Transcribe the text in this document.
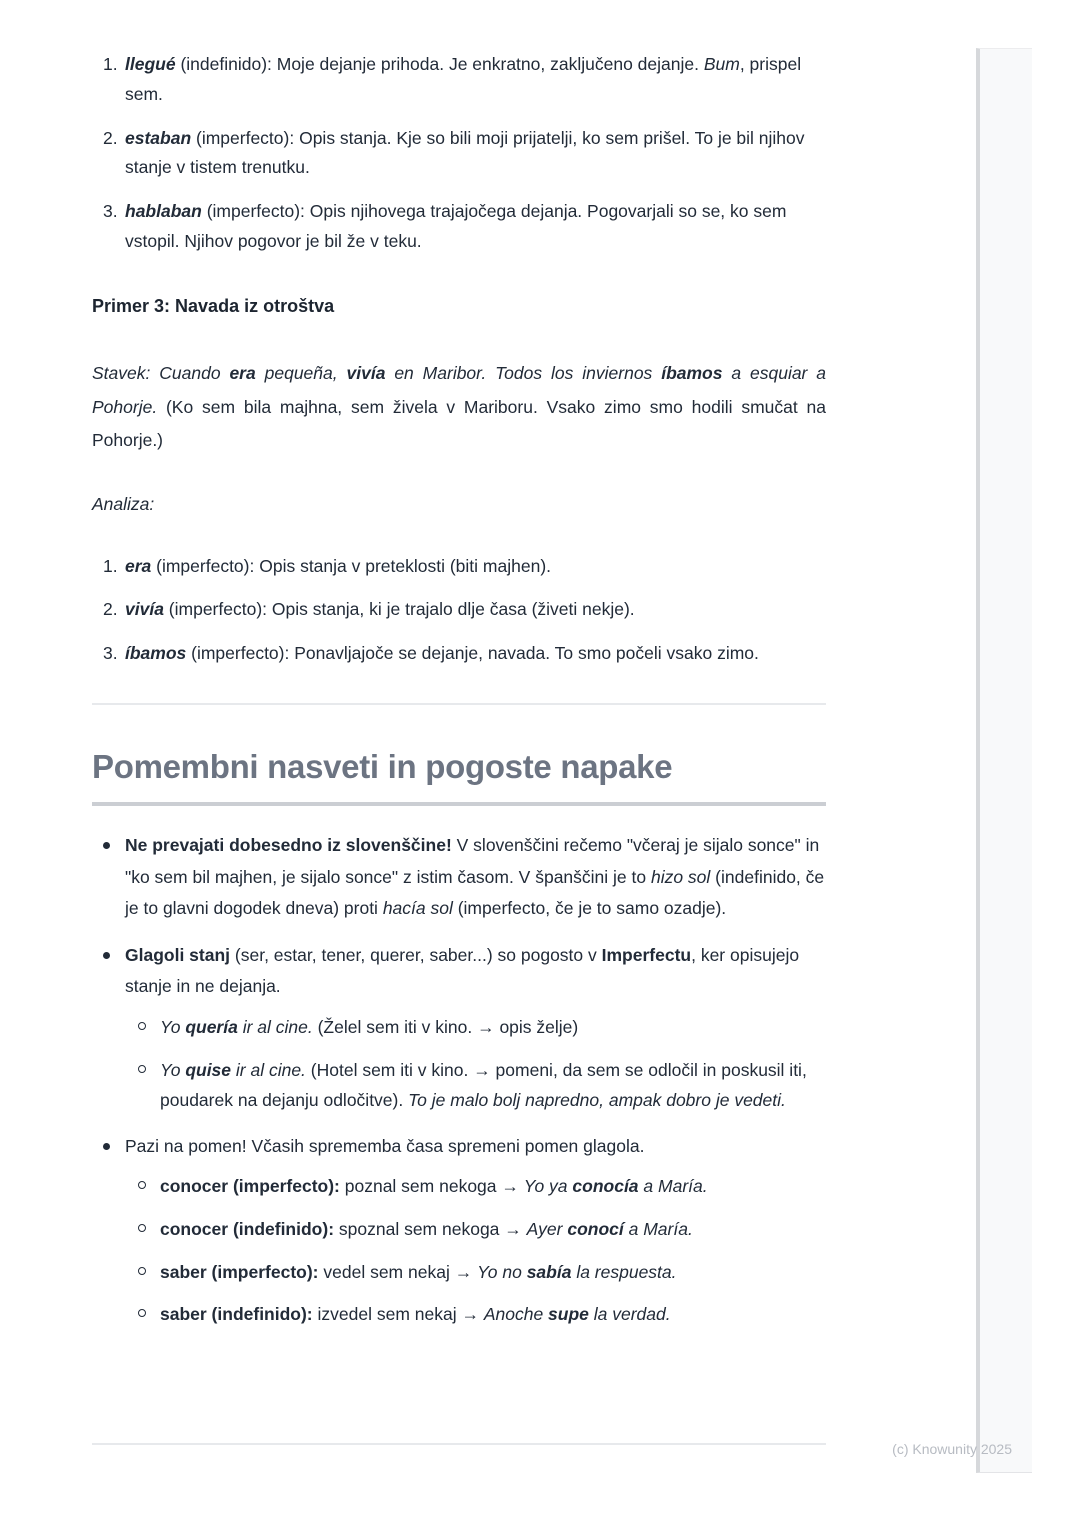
1. llegué (indefinido): Moje dejanje prihoda. Je enkratno, zaključeno dejanje. Bum, prispel sem.
2. estaban (imperfecto): Opis stanja. Kje so bili moji prijatelji, ko sem prišel. To je bil njihov stanje v tistem trenutku.
3. hablaban (imperfecto): Opis njihovega trajajočega dejanja. Pogovarjali so se, ko sem vstopil. Njihov pogovor je bil že v teku.
Primer 3: Navada iz otroštva

Stavek: Cuando era pequeña, vivía en Maribor. Todos los inviernos íbamos a esquiar a Pohorje. (Ko sem bila majhna, sem živela v Mariboru. Vsako zimo smo hodili smučat na Pohorje.)

Analiza:

1. era (imperfecto): Opis stanja v preteklosti (biti majhen).
2. vivía (imperfecto): Opis stanja, ki je trajalo dlje časa (živeti nekje).
3. íbamos (imperfecto): Ponavljajoče se dejanje, navada. To smo počeli vsako zimo.
Pomembni nasveti in pogoste napake
Ne prevajati dobesedno iz slovenščine! V slovenščini rečemo "včeraj je sijalo sonce" in "ko sem bil majhen, je sijalo sonce" z istim časom. V španščini je to hizo sol (indefinido, če je to glavni dogodek dneva) proti hacía sol (imperfecto, če je to samo ozadje).
Glagoli stanj (ser, estar, tener, querer, saber...) so pogosto v Imperfectu, ker opisujejo stanje in ne dejanja.
Yo quería ir al cine. (Želel sem iti v kino. → opis želje)
Yo quise ir al cine. (Hotel sem iti v kino. → pomeni, da sem se odločil in poskusil iti, poudarek na dejanju odločitve). To je malo bolj napredno, ampak dobro je vedeti.
Pazi na pomen! Včasih sprememba časa spremeni pomen glagola.
conocer (imperfecto): poznal sem nekoga → Yo ya conocía a María.
conocer (indefinido): spoznal sem nekoga → Ayer conocí a María.
saber (imperfecto): vedel sem nekaj → Yo no sabía la respuesta.
saber (indefinido): izvedel sem nekaj → Anoche supe la verdad.
(c) Knowunity 2025
